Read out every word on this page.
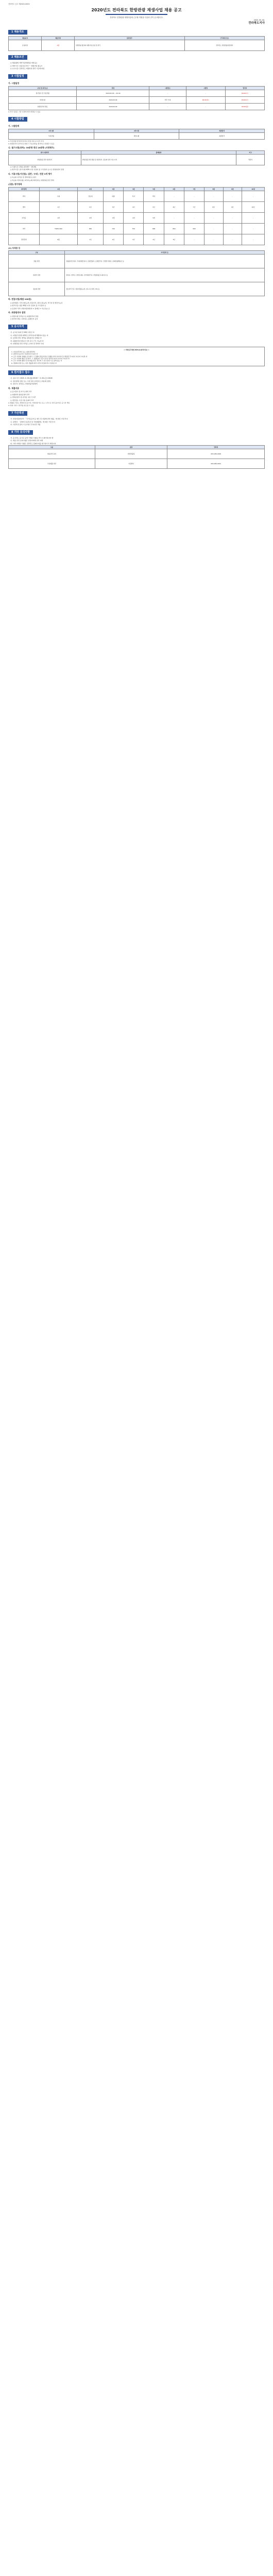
전라북도 공고 제2020-000호
2020년도 전라북도 한방관광 재생사업 채용 공고
전라북도 한방관광 재생사업에 근무할 직원을 다음과 같이 공고합니다.
2020. 00. 00.
전라북도지사
1 채용개요
채용분야	채용인원	담당업무	근무예정 장소
운영지원	1명	한방관광 활성화 재생사업 운영 및 관리	전라북도 한방관광지원센터
2 채용조건
○ 채용형태: 계약직(한방관광 재생 등)
○ 계약기간: 임용일로부터 ~ 재생사업 종료시
○ 보수수준: 전라북도 재생사업 관련 기준에 따름
3 시험일정
가. 시험일정
구분 및 평가요소	일정	시험장소	시험일	합격자
원서접수 및 서류전형	2020.00.00 ~ 00.00	-	-	00.00(수)
면접시험	2020.00.00	추후 안내	00.00(목)	00.00(금)
최종합격자 발표	2020.00.00	-	-	00.00(월)
※ 상기 일정은 기관 사정에 따라 변경될 수 있음
4 시험방법
가. 시험단계
1차시험	2차시험	최종합격
서류전형	면접시험	최종합격
※ 서류전형 합격자에 한하여 면접시험 응시자격 부여
※ 최종합격자 결격사유 발생 시 차순위자를 합격자로 결정할 수 있음
나. 필기시험(과목): 30문항 전산 20문항 (사전평가)
필기시험과목	출제범위	비고
한방관광 관련 일반상식	한방관광 관련 법령 및 일반상식, 정보화 관련 기본 지식	객관식
○ 시험시간: 20분 (10:00 ~ 10:20)
○ 합격기준: 필기시험 40% 이상 득점자 중 고득점자 순으로 면접대상자 결정
다. 서류시험(가산점): 일반 / 우대 / 전문 3개 평가
○ 1순위: 자격증 및 경력사항 등 평가
○ 2순위: 학력사항, 외국어능력(어학점수), 한방관광 관련 경력
(공통) 평가항목
평가항목	1점	2점	3점	4점	5점	6점	7점	8점	9점	10점
학력	고졸	전문대	대졸	석사	박사	-	-	-	-	-
경력	1년	2년	3년	4년	5년	6년	7년	8년	9년	10년
자격증	1개	2개	3개	4개	5개	-	-	-	-	-
어학	TOEIC 600	650	700	750	800	850	900	-	-	-
관련경력	6월	1년	2년	3년	4년	5년	-	-	-	-
(2) 자격증 등
구분	자격증명 등
관광 관련	관광통역안내사, 국내여행안내사, 호텔경영사, 호텔관리사, 컨벤션기획사, 문화관광해설사 등
한의학 관련	한의사, 한약사, 한약조제사, 한약재관리사, 한방관광코디네이터 등
정보화 관련	정보처리기사, 컴퓨터활용능력, 워드프로세서, ITQ 등
라. 면접시험(배점 100점)
○ 평가항목: 직무수행 능력, 전문지식, 의사소통능력, 적극성 및 발전가능성
○ 합격기준: 평균 60점 이상 득점자 중 고득점자 순
○ 동점자 처리: 취업지원대상자 > 장애인 > 저소득층 순
마. 최종합격자 결정
○ 면접시험 성적순으로 최종합격자 결정
○ 합격자 발표: 전라북도 홈페이지 공지
5 응시자격
가. 공고일 현재 만 18세 이상인 자
나. 지방공무원법 제31조 결격사유에 해당하지 않는 자
다. 남자의 경우 병역을 필하였거나 면제된 자
라. 최종합격자 발표일 이후 즉시 근무 가능한 자
마. 한방관광 관련 자격증 소지자 및 경력자 우대
< 지방공무원법 제31조(결격사유) >
1. 피성년후견인 또는 피한정후견인
2. 파산선고를 받고 복권되지 아니한 자
3. 금고 이상의 실형을 선고받고 그 집행이 종료되거나 집행을 받지 아니하기로 확정된 후 5년이 지나지 아니한 자
4. 금고 이상의 형을 선고받고 그 집행유예 기간이 끝난 날부터 2년이 지나지 아니한 자
5. 금고 이상의 형의 선고유예를 받은 경우에 그 선고유예 기간 중에 있는 자
6. 법원의 판결 또는 다른 법률에 따라 자격이 상실되거나 정지된 자
6 원서접수 접수
가. 접수기간: 2020. 0. 00.(월) 09:00 ~ 0. 00.(금) 18:00
나. 접수방법: 방문 또는 우편 접수 (마감일 도착분에 한함)
다. 접수처: 전라북도 한방관광지원센터
라. 제출서류
○ 응시원서 및 자기소개서 1부
○ 최종학력 졸업증명서 1부
○ 경력증명서 및 자격증 사본 각 1부
○ 개인정보 수집·이용 동의서 1부
※ 제출된 서류는 반환하지 않으며, 기재사항 착오 또는 누락으로 인한 불이익은 응시자 책임
※ 허위 기재 시 합격을 취소할 수 있음
7 가산특전
가. 취업지원대상자: 「국가유공자 등 예우 및 지원에 관한 법률」에 따른 가점 부여
나. 장애인: 「장애인고용촉진 및 직업재활법」에 따른 가점 부여
다. 가산특전 중복 시 유리한 것 하나만 적용
8 기타 유의사항
가. 응시자는 응시표 등에 기재된 사항을 반드시 확인하여야 함
나. 채용 관련 문의사항은 담당자에게 연락 바람
다. 기타 자세한 사항은 전라북도 홈페이지를 참고하시기 바랍니다
구분	담당	연락처
채용관련 문의	한방관광팀	063-280-0000
서류제출 관련	지원센터	063-280-0001
